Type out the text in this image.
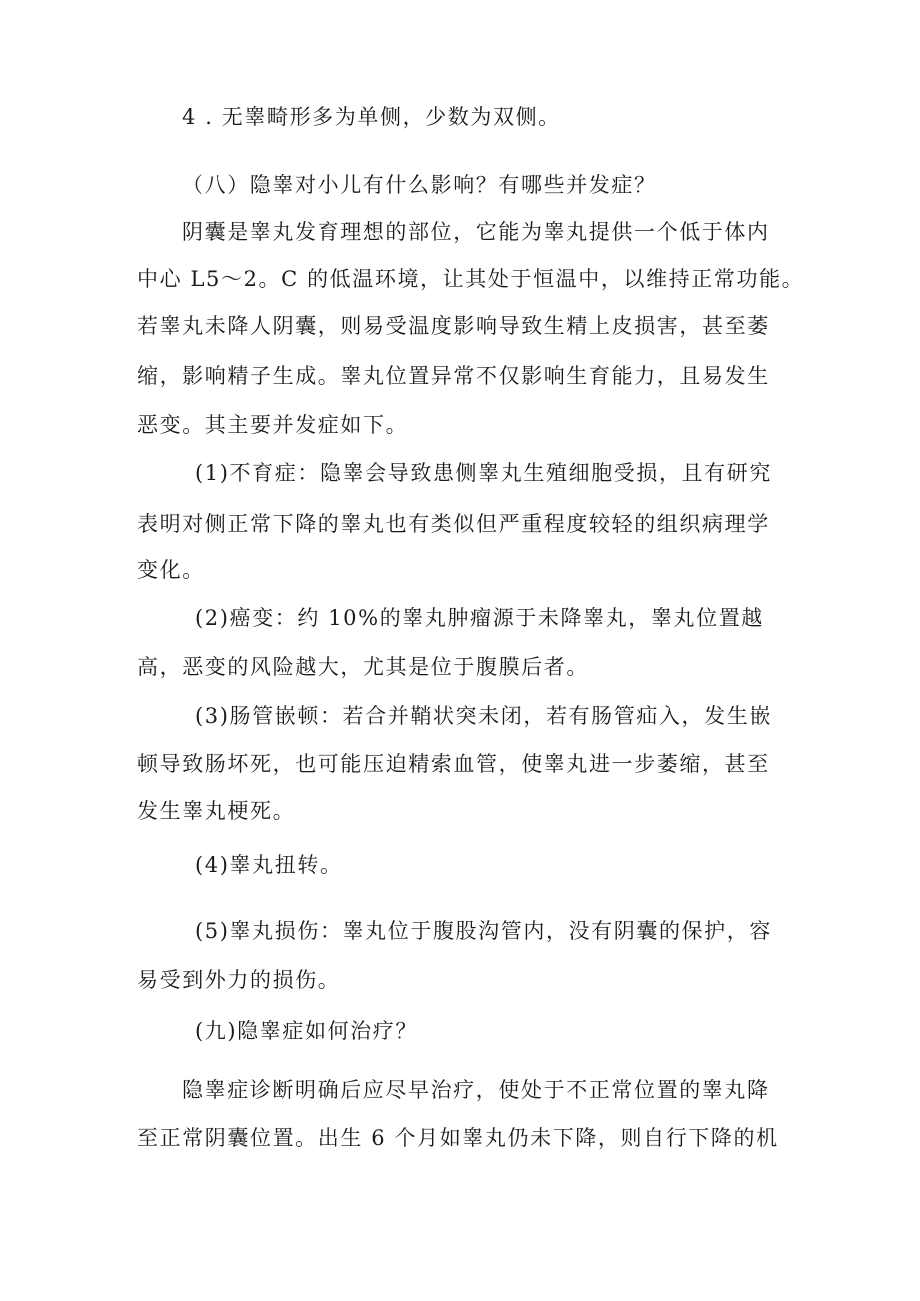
4 . 无睾畸形多为单侧，少数为双侧。
（八）隐睾对小儿有什么影响？有哪些并发症？
阴囊是睾丸发育理想的部位，它能为睾丸提供一个低于体内
中心 L5～2。C 的低温环境，让其处于恒温中，以维持正常功能。
若睾丸未降人阴囊，则易受温度影响导致生精上皮损害，甚至萎
缩，影响精子生成。睾丸位置异常不仅影响生育能力，且易发生
恶变。其主要并发症如下。
(1)不育症：隐睾会导致患侧睾丸生殖细胞受损，且有研究
表明对侧正常下降的睾丸也有类似但严重程度较轻的组织病理学
变化。
(2)癌变：约 10%的睾丸肿瘤源于未降睾丸，睾丸位置越
高，恶变的风险越大，尤其是位于腹膜后者。
(3)肠管嵌顿：若合并鞘状突未闭，若有肠管疝入，发生嵌
顿导致肠坏死，也可能压迫精索血管，使睾丸进一步萎缩，甚至
发生睾丸梗死。
(4)睾丸扭转。
(5)睾丸损伤：睾丸位于腹股沟管内，没有阴囊的保护，容
易受到外力的损伤。
(九)隐睾症如何治疗？
隐睾症诊断明确后应尽早治疗，使处于不正常位置的睾丸降
至正常阴囊位置。出生 6 个月如睾丸仍未下降，则自行下降的机
